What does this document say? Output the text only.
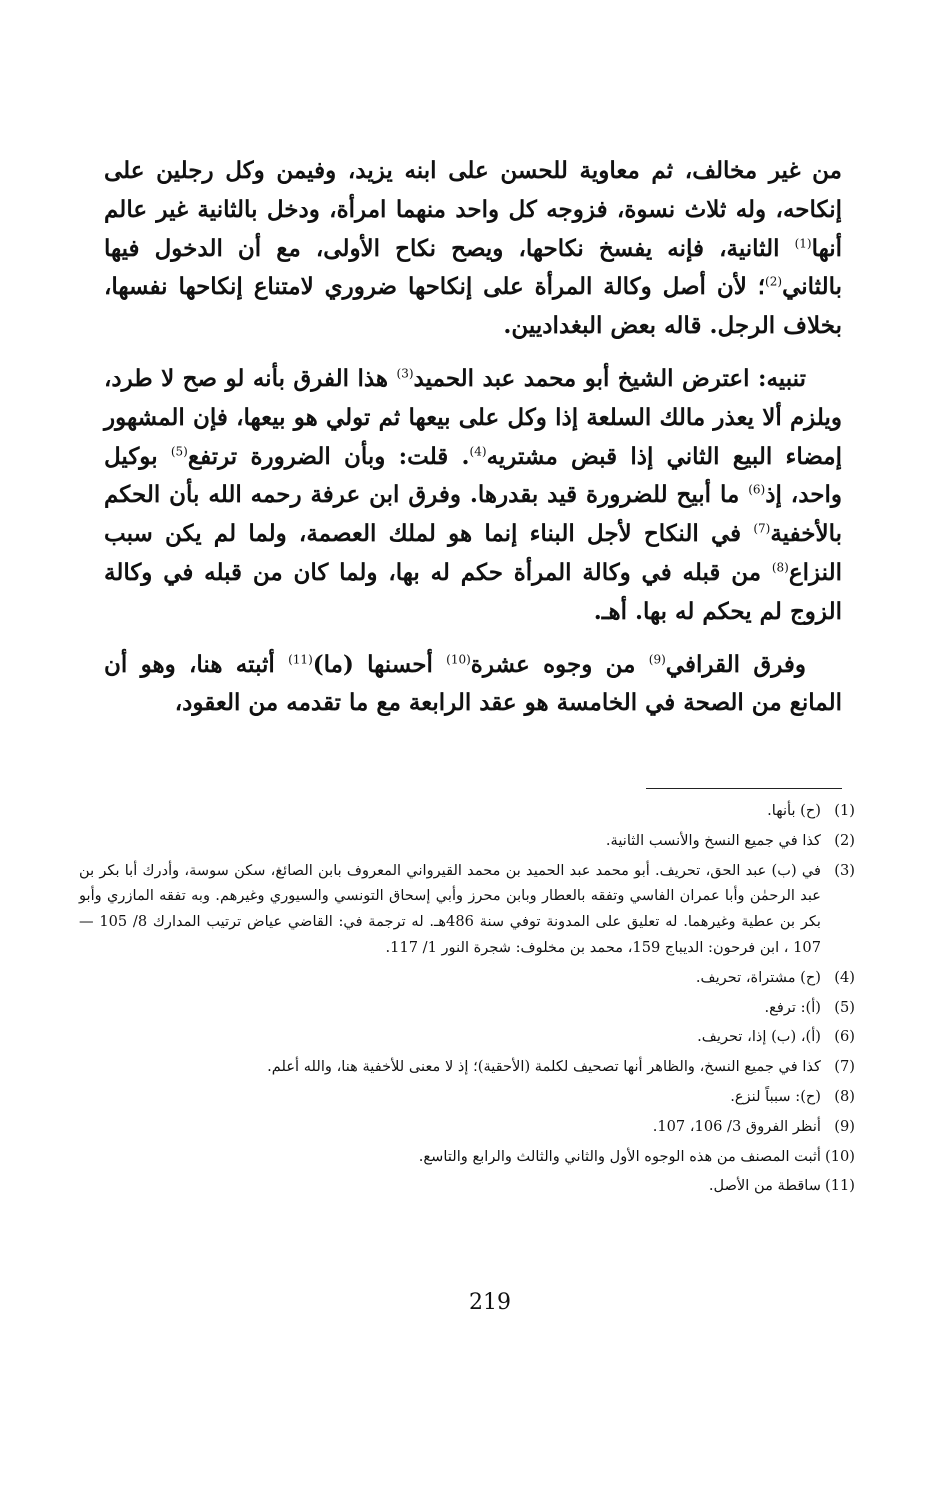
من غير مخالف، ثم معاوية للحسن على ابنه يزيد، وفيمن وكل رجلين على إنكاحه، وله ثلاث نسوة، فزوجه كل واحد منهما امرأة، ودخل بالثانية غير عالم أنها$^{(1)}$ الثانية، فإنه يفسخ نكاحها، ويصح نكاح الأولى، مع أن الدخول فيها بالثاني$^{(2)}$؛ لأن أصل وكالة المرأة على إنكاحها ضروري لامتناع إنكاحها نفسها، بخلاف الرجل. قاله بعض البغداديين.

تنبيه: اعترض الشيخ أبو محمد عبد الحميد$^{(3)}$ هذا الفرق بأنه لو صح لا طرد، ويلزم ألا يعذر مالك السلعة إذا وكل على بيعها ثم تولي هو بيعها، فإن المشهور إمضاء البيع الثاني إذا قبض مشتريه$^{(4)}$. قلت: وبأن الضرورة ترتفع$^{(5)}$ بوكيل واحد، إذ$^{(6)}$ ما أبيح للضرورة قيد بقدرها. وفرق ابن عرفة رحمه الله بأن الحكم بالأخفية$^{(7)}$ في النكاح لأجل البناء إنما هو لملك العصمة، ولما لم يكن سبب النزاع$^{(8)}$ من قبله في وكالة المرأة حكم له بها، ولما كان من قبله في وكالة الزوج لم يحكم له بها. أهـ.

وفرق القرافي$^{(9)}$ من وجوه عشرة$^{(10)}$ أحسنها (ما)$^{(11)}$ أثبته هنا، وهو أن المانع من الصحة في الخامسة هو عقد الرابعة مع ما تقدمه من العقود،

(1)
(ح) بأنها.
(2)
كذا في جميع النسخ والأنسب الثانية.
(3)
في (ب) عبد الحق، تحريف. أبو محمد عبد الحميد بن محمد القيرواني المعروف بابن الصائغ، سكن سوسة، وأدرك أبا بكر بن عبد الرحمٰن وأبا عمران الفاسي وتفقه بالعطار وبابن محرز وأبي إسحاق التونسي والسيوري وغيرهم. وبه تفقه المازري وأبو بكر بن عطية وغيرهما. له تعليق على المدونة توفي سنة 486هـ. له ترجمة في: القاضي عياض ترتيب المدارك 8/ 105 — 107 ، ابن فرحون: الديباج 159، محمد بن مخلوف: شجرة النور 1/ 117.
(4)
(ح) مشتراة، تحريف.
(5)
(أ): ترفع.
(6)
(أ)، (ب) إذا، تحريف.
(7)
كذا في جميع النسخ، والظاهر أنها تصحيف لكلمة (الأحقية)؛ إذ لا معنى للأخفية هنا، والله أعلم.
(8)
(ح): سبباً لنزع.
(9)
أنظر الفروق 3/ 106، 107.
(10)
أثبت المصنف من هذه الوجوه الأول والثاني والثالث والرابع والتاسع.
(11)
ساقطة من الأصل.
219
